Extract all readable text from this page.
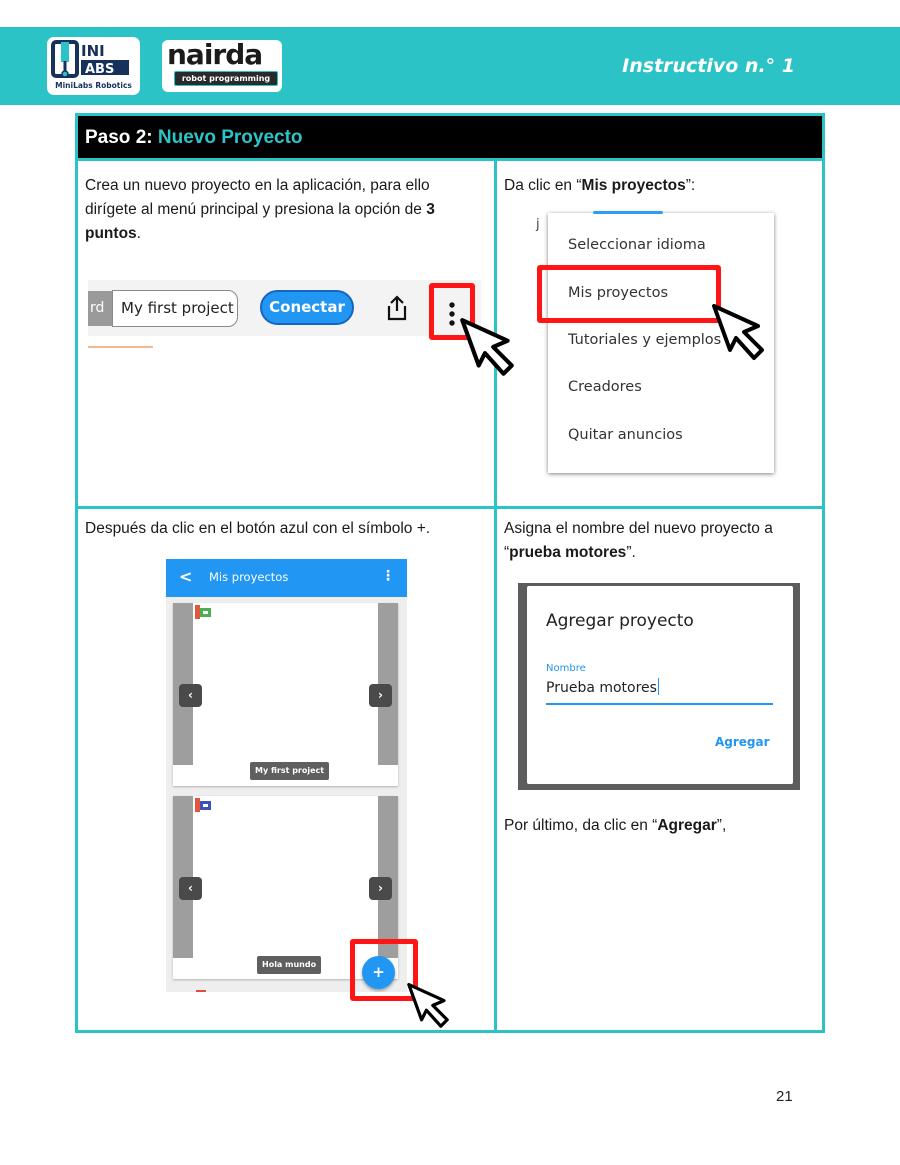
INI
ABS
MiniLabs Robotics
nairda
robot programming
Instructivo n.° 1
Paso 2: Nuevo Proyecto
Crea un nuevo proyecto en la aplicación, para ello dirígete al menú principal y presiona la opción de 3 puntos.
rd	My first project	Conectar
Da clic en “Mis proyectos”:
j
Seleccionar idioma
Mis proyectos
Tutoriales y ejemplos
Creadores
Quitar anuncios
Después da clic en el botón azul con el símbolo +.
< Mis proyectos	⋮
‹	›
My first project
‹	›
Hola mundo	+
Asigna el nombre del nuevo proyecto a “prueba motores”.
Agregar proyecto
Nombre
Prueba motores
Agregar
Por último, da clic en “Agregar”,
21
